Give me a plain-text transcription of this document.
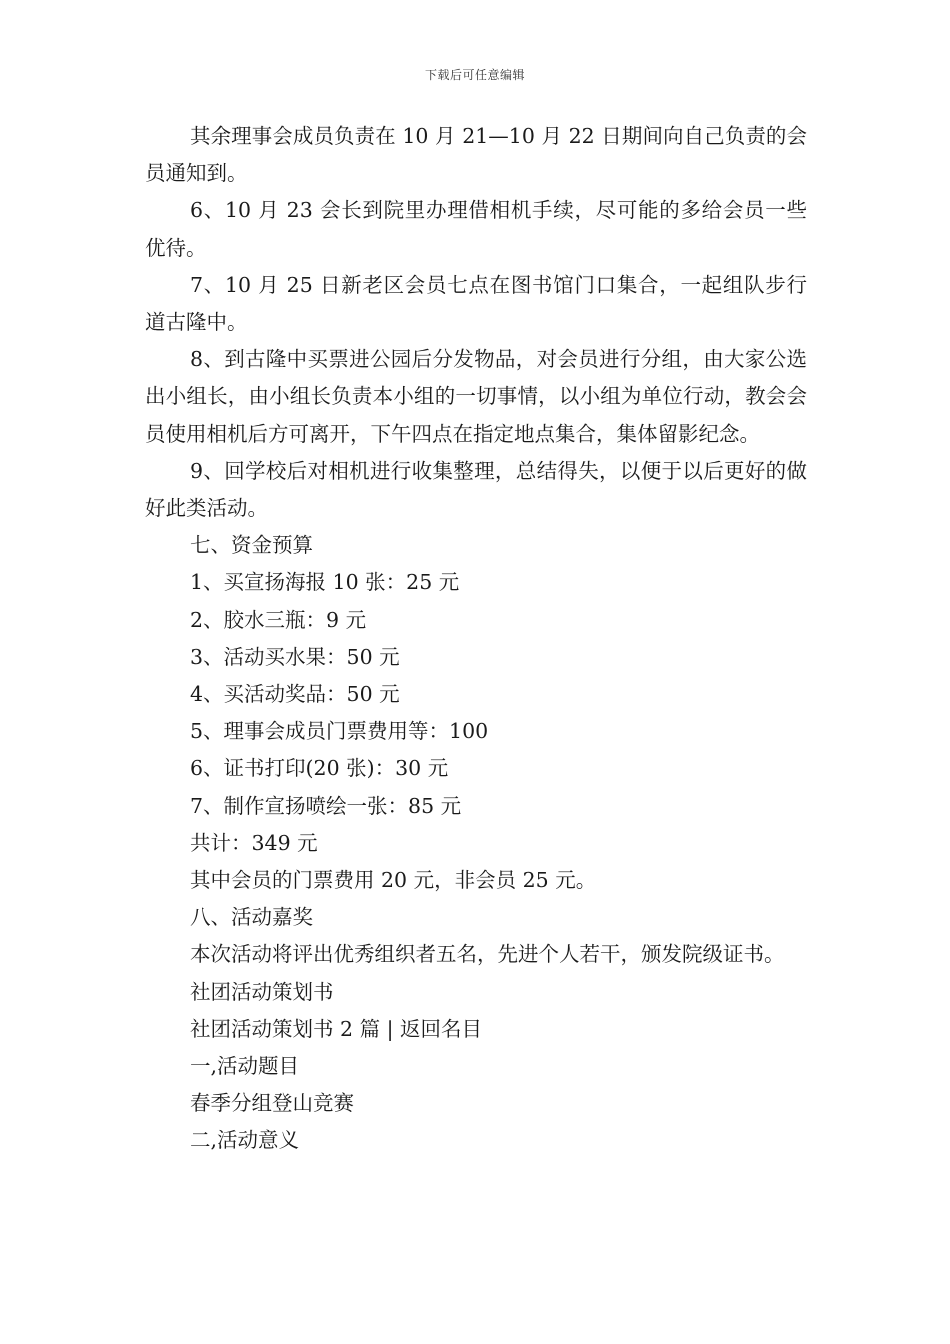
下载后可任意编辑

其余理事会成员负责在 10 月 21—10 月 22 日期间向自己负责的会员通知到。

6、10 月 23 会长到院里办理借相机手续，尽可能的多给会员一些优待。

7、10 月 25 日新老区会员七点在图书馆门口集合，一起组队步行道古隆中。

8、到古隆中买票进公园后分发物品，对会员进行分组，由大家公选出小组长，由小组长负责本小组的一切事情，以小组为单位行动，教会会员使用相机后方可离开，下午四点在指定地点集合，集体留影纪念。

9、回学校后对相机进行收集整理，总结得失，以便于以后更好的做好此类活动。

七、资金预算

1、买宣扬海报 10 张：25 元

2、胶水三瓶：9 元

3、活动买水果：50 元

4、买活动奖品：50 元

5、理事会成员门票费用等：100

6、证书打印(20 张)：30 元

7、制作宣扬喷绘一张：85 元

共计：349 元

其中会员的门票费用 20 元，非会员 25 元。

八、活动嘉奖

本次活动将评出优秀组织者五名，先进个人若干，颁发院级证书。

社团活动策划书

社团活动策划书 2 篇 | 返回名目

一,活动题目

春季分组登山竞赛

二,活动意义
